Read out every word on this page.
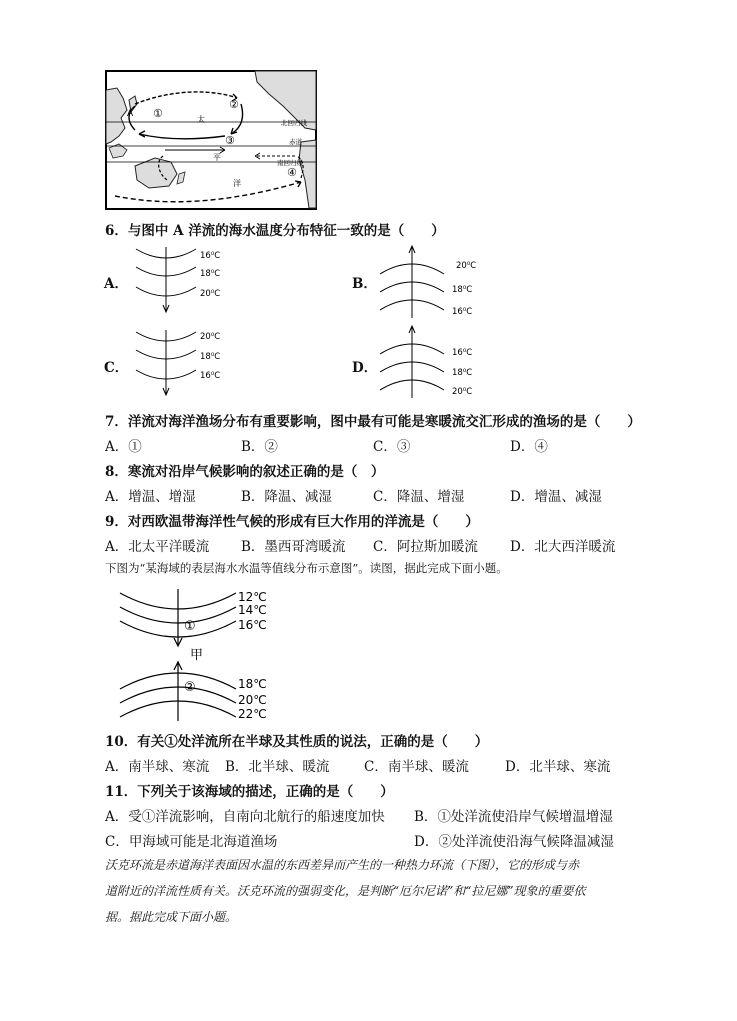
A ①
②
③
④
太
平
洋
北回归线
赤道
南回归线
6．与图中 A 洋流的海水温度分布特征一致的是（　　）
A．
16⁰C
18⁰C
20⁰C
B．
20⁰C
18⁰C
16⁰C
C．
20⁰C
18⁰C
16⁰C	D．
16⁰C
18⁰C
20⁰C
7．洋流对海洋渔场分布有重要影响，图中最有可能是寒暖流交汇形成的渔场的是（　　）
A．①	B．②	C．③	D．④
8．寒流对沿岸气候影响的叙述正确的是（　）
A．增温、增湿	B．降温、减湿	C．降温、增湿	D．增温、减湿
9．对西欧温带海洋性气候的形成有巨大作用的洋流是（　　）
A．北太平洋暖流 B．墨西哥湾暖流 C．阿拉斯加暖流 D．北大西洋暖流
下图为“某海域的表层海水水温等值线分布示意图”。读图，据此完成下面小题。
12℃
14℃
16℃
18℃
20℃
22℃
①
②
甲
10．有关①处洋流所在半球及其性质的说法，正确的是（　　）
A．南半球、寒流 B．北半球、暖流	C．南半球、暖流	D．北半球、寒流
11．下列关于该海域的描述，正确的是（　　）
A．受①洋流影响，自南向北航行的船速度加快 B．①处洋流使沿岸气候增温增湿
C．甲海域可能是北海道渔场	D．②处洋流使沿海气候降温减湿
沃克环流是赤道海洋表面因水温的东西差异而产生的一种热力环流（下图），它的形成与赤
道附近的洋流性质有关。沃克环流的强弱变化，是判断“厄尔尼诺”和“拉尼娜”现象的重要依
据。据此完成下面小题。
